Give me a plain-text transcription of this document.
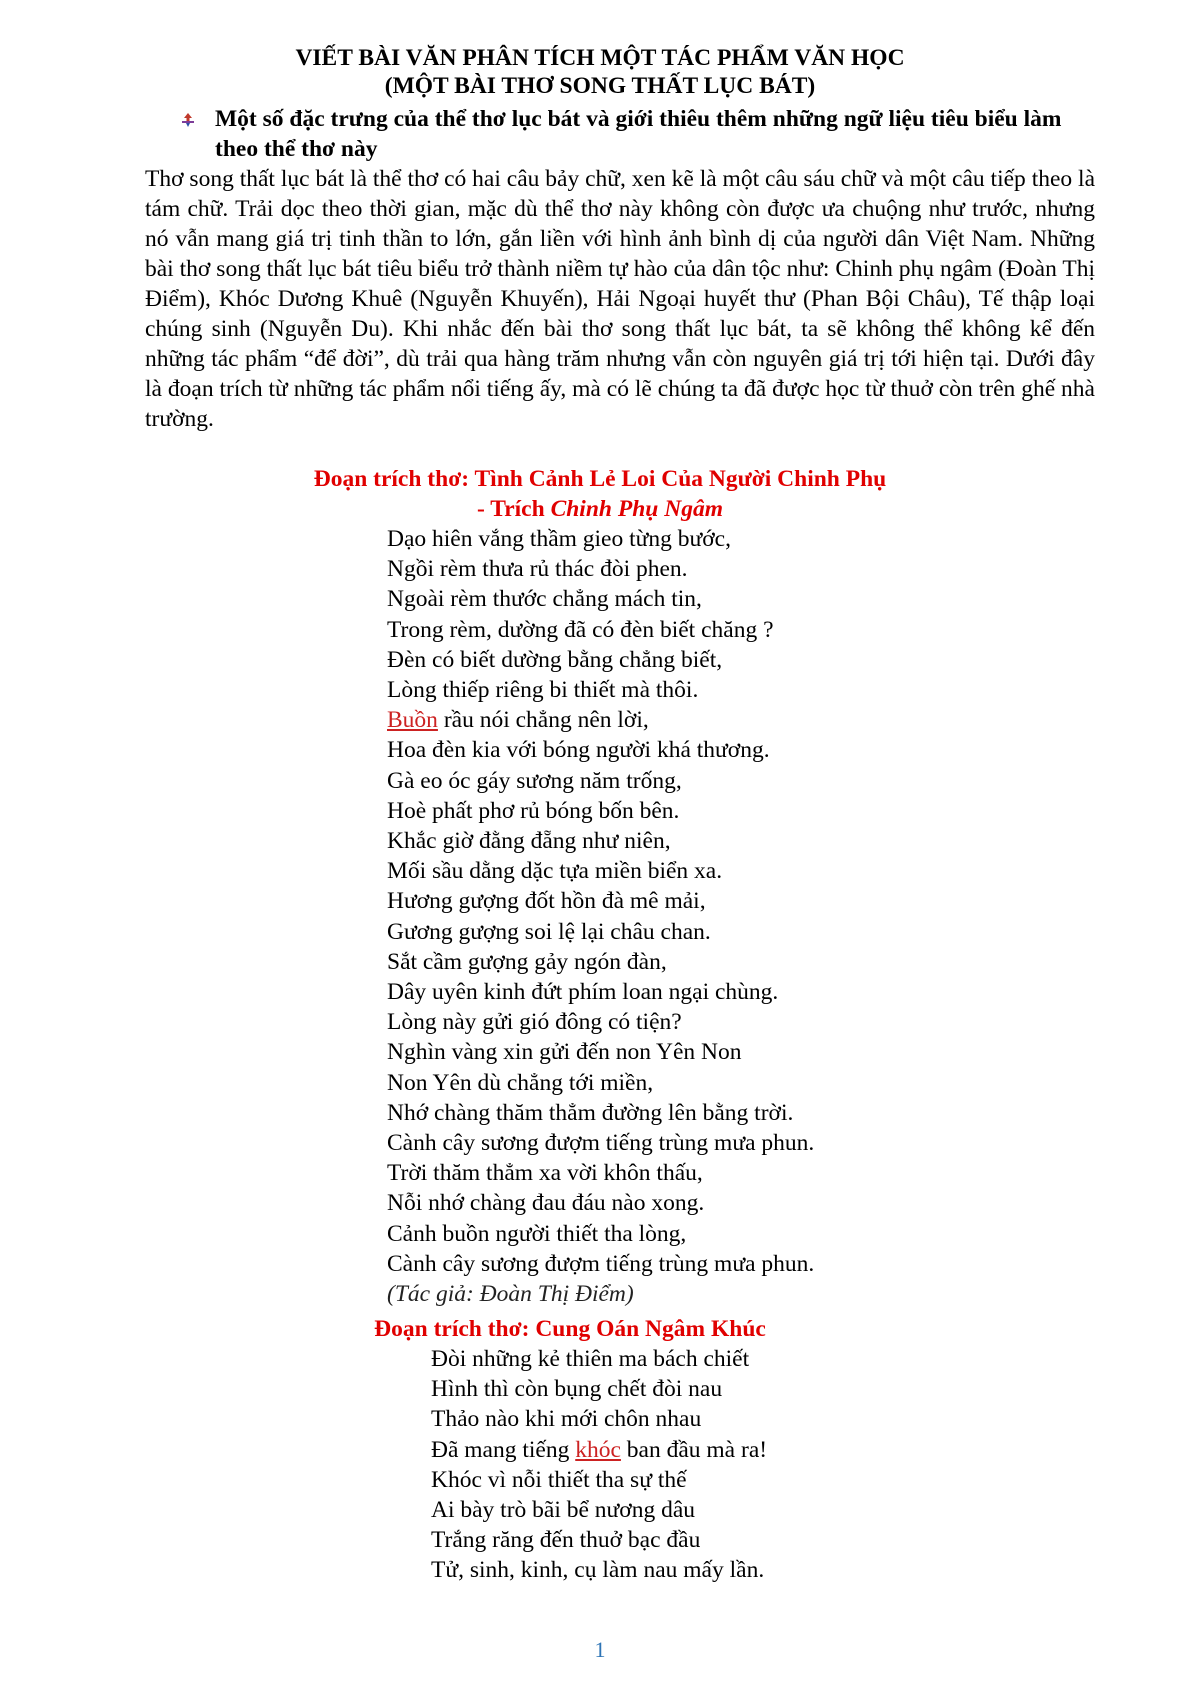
VIẾT BÀI VĂN PHÂN TÍCH MỘT TÁC PHẨM VĂN HỌC
(MỘT BÀI THƠ SONG THẤT LỤC BÁT)
Một số đặc trưng của thể thơ lục bát và giới thiêu thêm những ngữ liệu tiêu biểu làm theo thể thơ này

Thơ song thất lục bát là thể thơ có hai câu bảy chữ, xen kẽ là một câu sáu chữ và một câu tiếp theo là tám chữ. Trải dọc theo thời gian, mặc dù thể thơ này không còn được ưa chuộng như trước, nhưng nó vẫn mang giá trị tinh thần to lớn, gắn liền với hình ảnh bình dị của người dân Việt Nam. Những bài thơ song thất lục bát tiêu biểu trở thành niềm tự hào của dân tộc như: Chinh phụ ngâm (Đoàn Thị Điểm), Khóc Dương Khuê (Nguyễn Khuyến), Hải Ngoại huyết thư (Phan Bội Châu), Tế thập loại chúng sinh (Nguyễn Du). Khi nhắc đến bài thơ song thất lục bát, ta sẽ không thể không kể đến những tác phẩm “để đời”, dù trải qua hàng trăm nhưng vẫn còn nguyên giá trị tới hiện tại. Dưới đây là đoạn trích từ những tác phẩm nổi tiếng ấy, mà có lẽ chúng ta đã được học từ thuở còn trên ghế nhà trường.

Đoạn trích thơ: Tình Cảnh Lẻ Loi Của Người Chinh Phụ
- Trích Chinh Phụ Ngâm
Dạo hiên vắng thầm gieo từng bước,
Ngồi rèm thưa rủ thác đòi phen.
Ngoài rèm thước chẳng mách tin,
Trong rèm, dường đã có đèn biết chăng ?
Đèn có biết dường bằng chẳng biết,
Lòng thiếp riêng bi thiết mà thôi.
Buồn rầu nói chẳng nên lời,
Hoa đèn kia với bóng người khá thương.
Gà eo óc gáy sương năm trống,
Hoè phất phơ rủ bóng bốn bên.
Khắc giờ đằng đẵng như niên,
Mối sầu dằng dặc tựa miền biển xa.
Hương gượng đốt hồn đà mê mải,
Gương gượng soi lệ lại châu chan.
Sắt cầm gượng gảy ngón đàn,
Dây uyên kinh đứt phím loan ngại chùng.
Lòng này gửi gió đông có tiện?
Nghìn vàng xin gửi đến non Yên Non
Non Yên dù chẳng tới miền,
Nhớ chàng thăm thẳm đường lên bằng trời.
Cành cây sương đượm tiếng trùng mưa phun.
Trời thăm thẳm xa vời khôn thấu,
Nỗi nhớ chàng đau đáu nào xong.
Cảnh buồn người thiết tha lòng,
Cành cây sương đượm tiếng trùng mưa phun.
(Tác giả: Đoàn Thị Điểm)
Đoạn trích thơ: Cung Oán Ngâm Khúc
Đòi những kẻ thiên ma bách chiết
Hình thì còn bụng chết đòi nau
Thảo nào khi mới chôn nhau
Đã mang tiếng khóc ban đầu mà ra!
Khóc vì nỗi thiết tha sự thế
Ai bày trò bãi bể nương dâu
Trắng răng đến thuở bạc đầu
Tử, sinh, kinh, cụ làm nau mấy lần.
1
